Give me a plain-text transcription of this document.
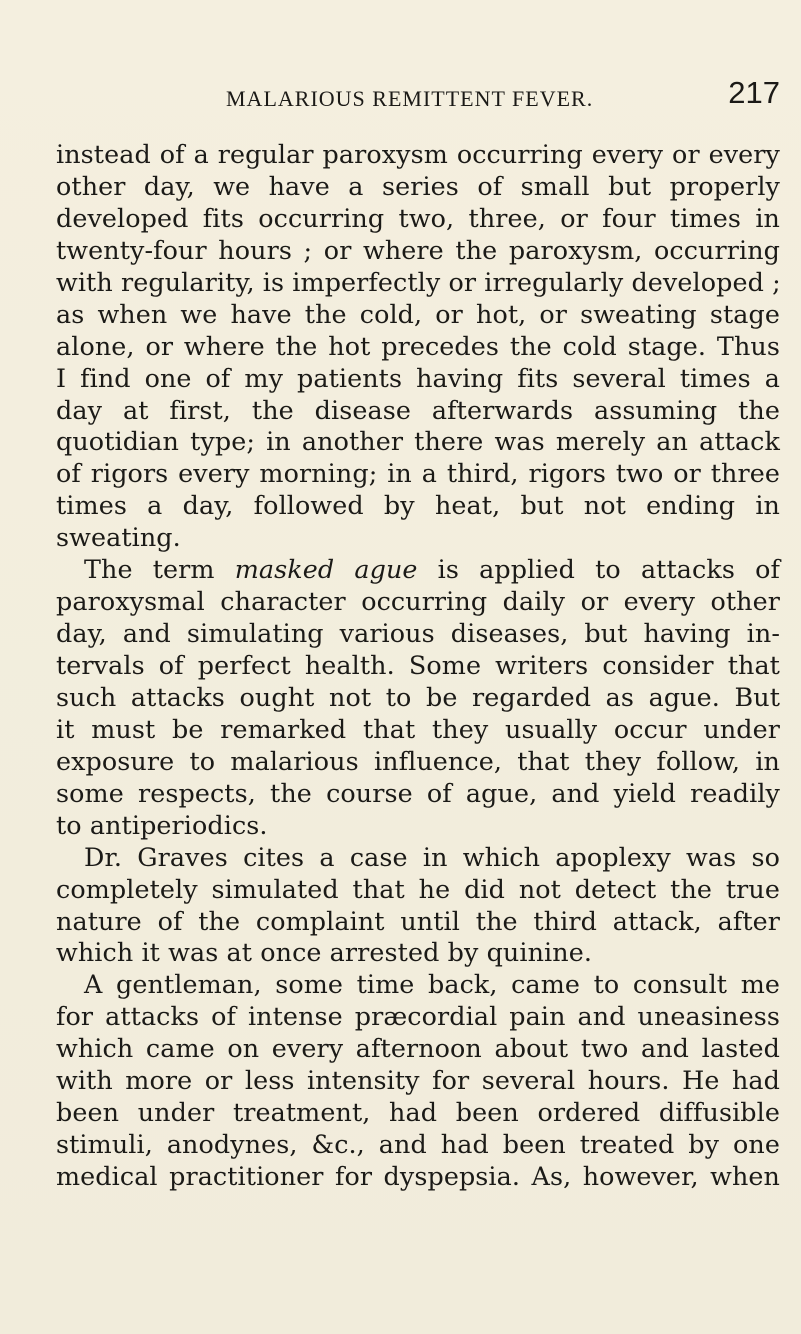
MALARIOUS REMITTENT FEVER.	217
instead of a regular paroxysm occurring every or every
other day, we have a series of small but properly
developed fits occurring two, three, or four times in
twenty-four hours ; or where the paroxysm, occurring
with regularity, is imperfectly or irregularly developed ;
as when we have the cold, or hot, or sweating stage
alone, or where the hot precedes the cold stage. Thus
I find one of my patients having fits several times a
day at first, the disease afterwards assuming the
quotidian type; in another there was merely an attack
of rigors every morning; in a third, rigors two or three
times a day, followed by heat, but not ending in
sweating.
The term masked ague is applied to attacks of
paroxysmal character occurring daily or every other
day, and simulating various diseases, but having in-
tervals of perfect health. Some writers consider that
such attacks ought not to be regarded as ague. But
it must be remarked that they usually occur under
exposure to malarious influence, that they follow, in
some respects, the course of ague, and yield readily
to antiperiodics.
Dr. Graves cites a case in which apoplexy was so
completely simulated that he did not detect the true
nature of the complaint until the third attack, after
which it was at once arrested by quinine.
A gentleman, some time back, came to consult me
for attacks of intense præcordial pain and uneasiness
which came on every afternoon about two and lasted
with more or less intensity for several hours. He had
been under treatment, had been ordered diffusible
stimuli, anodynes, &c., and had been treated by one
medical practitioner for dyspepsia. As, however, when
